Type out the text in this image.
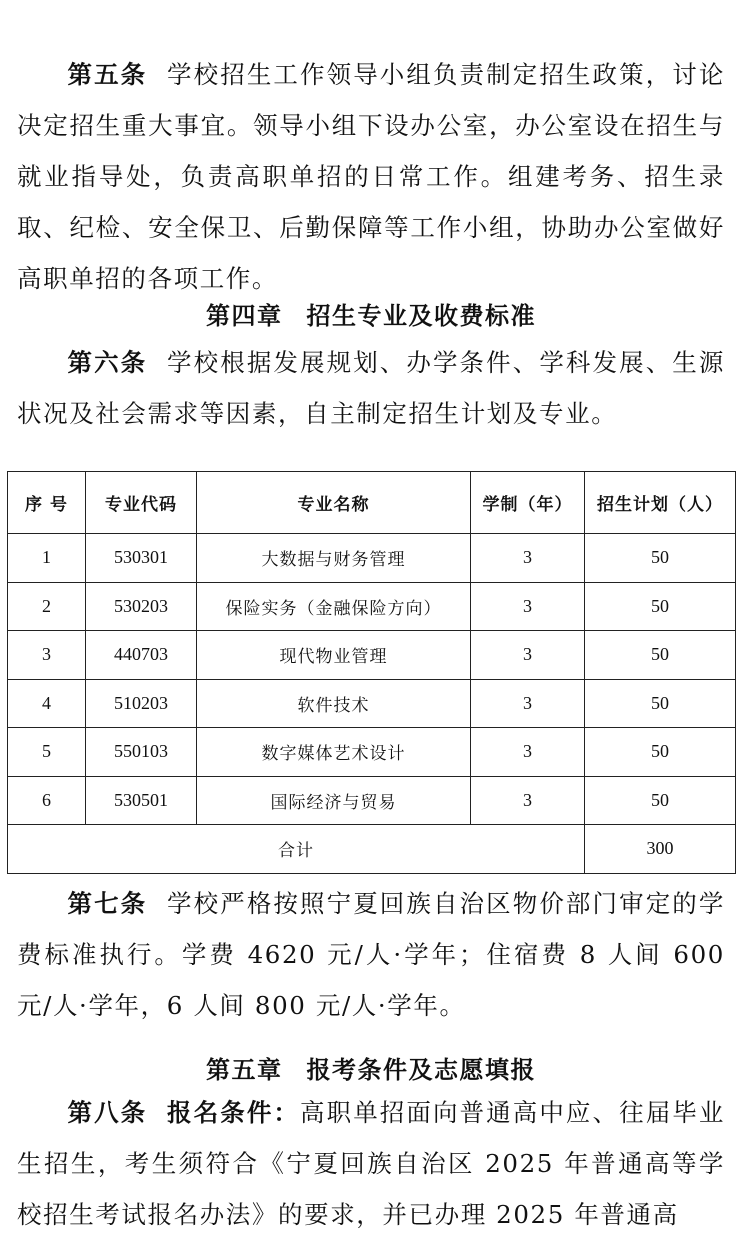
第五条 学校招生工作领导小组负责制定招生政策，讨论决定招生重大事宜。领导小组下设办公室，办公室设在招生与就业指导处，负责高职单招的日常工作。组建考务、招生录取、纪检、安全保卫、后勤保障等工作小组，协助办公室做好高职单招的各项工作。

第四章 招生专业及收费标准

第六条 学校根据发展规划、办学条件、学科发展、生源状况及社会需求等因素，自主制定招生计划及专业。

序 号	专业代码	专业名称	学制（年）	招生计划（人）
1	530301	大数据与财务管理	3	50
2	530203	保险实务（金融保险方向）	3	50
3	440703	现代物业管理	3	50
4	510203	软件技术	3	50
5	550103	数字媒体艺术设计	3	50
6	530501	国际经济与贸易	3	50
合计				300

第七条 学校严格按照宁夏回族自治区物价部门审定的学费标准执行。学费 4620 元/人·学年；住宿费 8 人间 600 元/人·学年，6 人间 800 元/人·学年。

第五章 报考条件及志愿填报

第八条 报名条件：高职单招面向普通高中应、往届毕业生招生，考生须符合《宁夏回族自治区 2025 年普通高等学校招生考试报名办法》的要求，并已办理 2025 年普通高
